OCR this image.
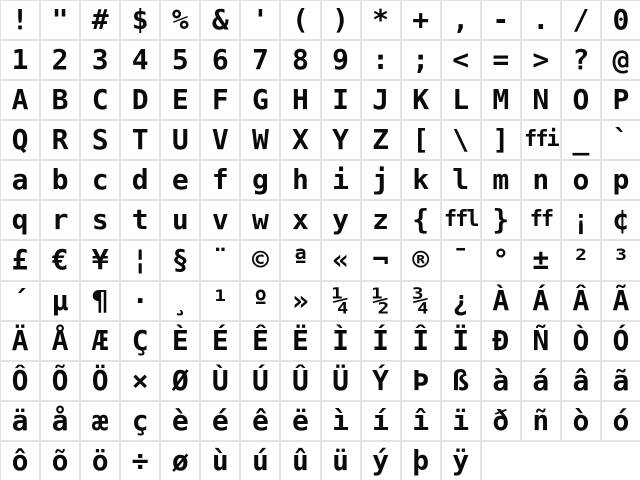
! " # $ % & ' ( ) * + , - . / 0
1 2 3 4 5 6 7 8 9 : ; < = > ? @
A B C D E F G H I J K L M N O P
Q R S T U V W X Y Z [ \ ] ffi _ `
a b c d e f g h i j k l m n o p
q r s t u v w x y z { ffl } ff ¡ ¢
£ € ¥ ¦ § ¨ © ª « ¬ ® ¯ ° ± ² ³
´ µ ¶ · ¸ ¹ º » ¼ ½ ¾ ¿ À Á Â Ã
Ä Å Æ Ç È É Ê Ë Ì Í Î Ï Ð Ñ Ò Ó
Ô Õ Ö × Ø Ù Ú Û Ü Ý Þ ß à á â ã
ä å æ ç è é ê ë ì í î ï ð ñ ò ó
ô õ ö ÷ ø ù ú û ü ý þ ÿ
